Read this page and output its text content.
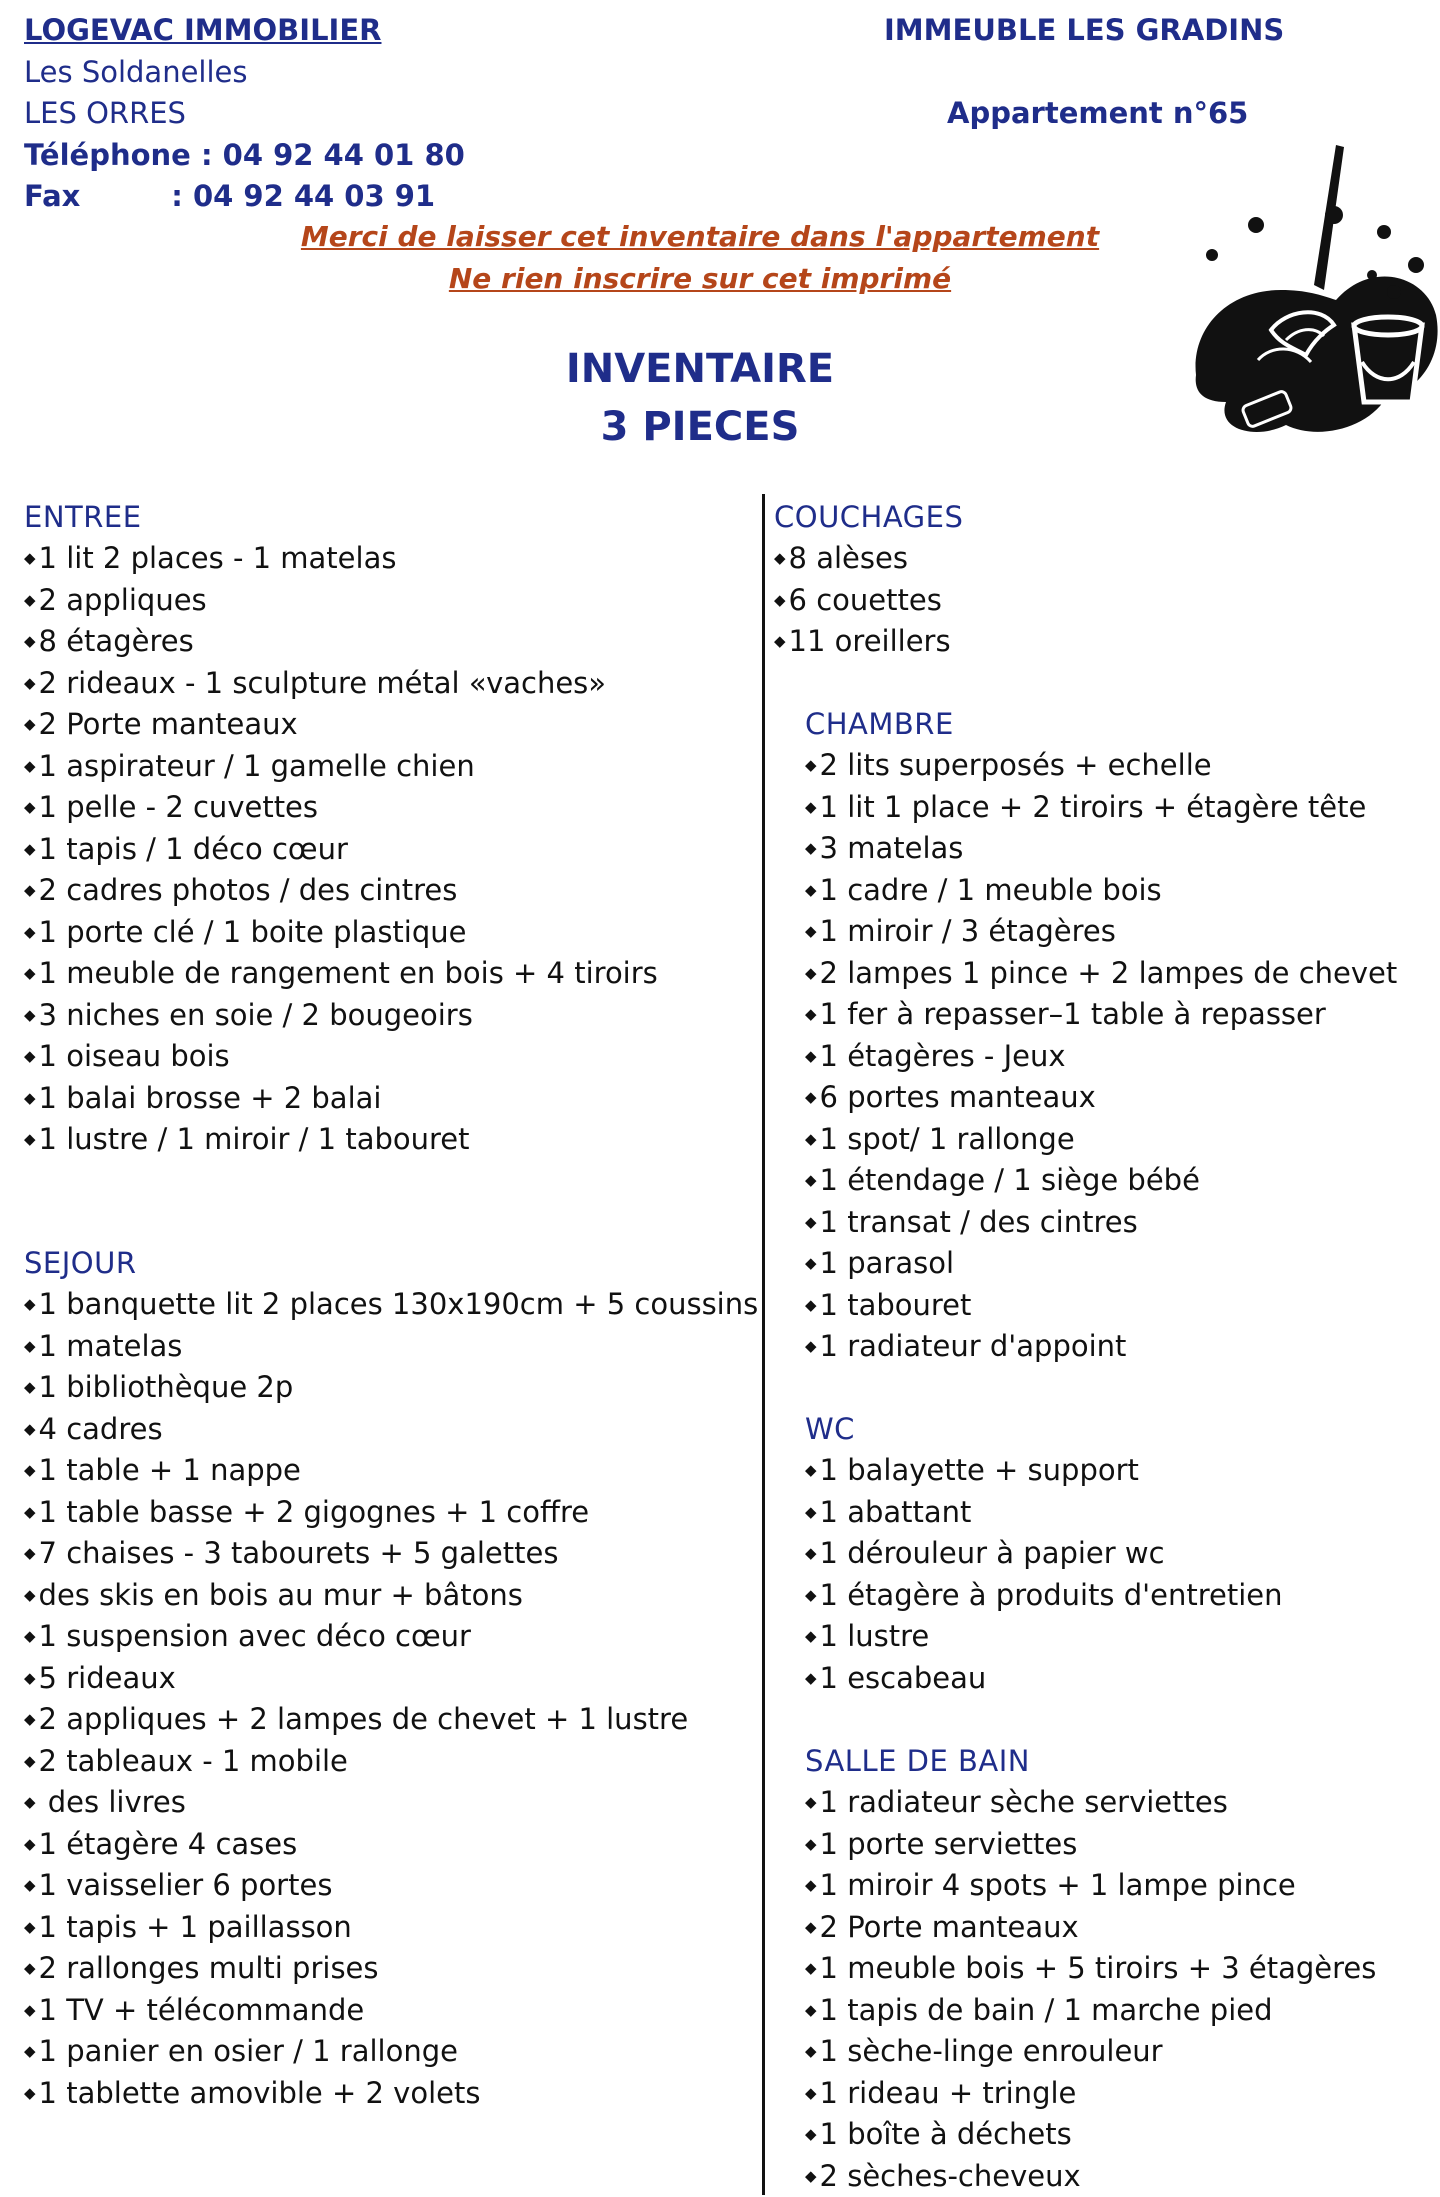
LOGEVAC IMMOBILIER
Les Soldanelles
LES ORRES
Téléphone : 04 92 44 01 80
Fax         : 04 92 44 03 91
IMMEUBLE LES GRADINS
Appartement n°65
Merci de laisser cet inventaire dans l'appartement
Ne rien inscrire sur cet imprimé
INVENTAIRE
3 PIECES
ENTREE
◆ 1 lit 2 places - 1 matelas
◆ 2 appliques
◆ 8 étagères
◆ 2 rideaux - 1 sculpture métal «vaches»
◆ 2 Porte manteaux
◆ 1 aspirateur / 1 gamelle chien
◆ 1 pelle - 2 cuvettes
◆ 1 tapis / 1 déco cœur
◆ 2 cadres photos / des cintres
◆ 1 porte clé / 1 boite plastique
◆ 1 meuble de rangement en bois + 4 tiroirs
◆ 3 niches en soie / 2 bougeoirs
◆ 1 oiseau bois
◆ 1 balai brosse + 2 balai
◆ 1 lustre / 1 miroir / 1 tabouret
SEJOUR
◆ 1 banquette lit 2 places 130x190cm + 5 coussins
◆ 1 matelas
◆ 1 bibliothèque 2p
◆ 4 cadres
◆ 1 table + 1 nappe
◆ 1 table basse + 2 gigognes + 1 coffre
◆ 7 chaises - 3 tabourets + 5 galettes
◆ des skis en bois au mur + bâtons
◆ 1 suspension avec déco cœur
◆ 5 rideaux
◆ 2 appliques + 2 lampes de chevet + 1 lustre
◆ 2 tableaux - 1 mobile
◆ des livres
◆ 1 étagère 4 cases
◆ 1 vaisselier 6 portes
◆ 1 tapis + 1 paillasson
◆ 2 rallonges multi prises
◆ 1 TV + télécommande
◆ 1 panier en osier / 1 rallonge
◆ 1 tablette amovible + 2 volets
COUCHAGES
◆ 8 alèses
◆ 6 couettes
◆ 11 oreillers
CHAMBRE
◆ 2 lits superposés + echelle
◆ 1 lit 1 place + 2 tiroirs + étagère tête
◆ 3 matelas
◆ 1 cadre / 1 meuble bois
◆ 1 miroir / 3 étagères
◆ 2 lampes 1 pince + 2 lampes de chevet
◆ 1 fer à repasser–1 table à repasser
◆ 1 étagères - Jeux
◆ 6 portes manteaux
◆ 1 spot/ 1 rallonge
◆ 1 étendage / 1 siège bébé
◆ 1 transat / des cintres
◆ 1 parasol
◆ 1 tabouret
◆ 1 radiateur d'appoint
WC
◆ 1 balayette + support
◆ 1 abattant
◆ 1 dérouleur à papier wc
◆ 1 étagère à produits d'entretien
◆ 1 lustre
◆ 1 escabeau
SALLE DE BAIN
◆ 1 radiateur sèche serviettes
◆ 1 porte serviettes
◆ 1 miroir 4 spots + 1 lampe pince
◆ 2 Porte manteaux
◆ 1 meuble bois + 5 tiroirs + 3 étagères
◆ 1 tapis de bain / 1 marche pied
◆ 1 sèche-linge enrouleur
◆ 1 rideau + tringle
◆ 1 boîte à déchets
◆ 2 sèches-cheveux
